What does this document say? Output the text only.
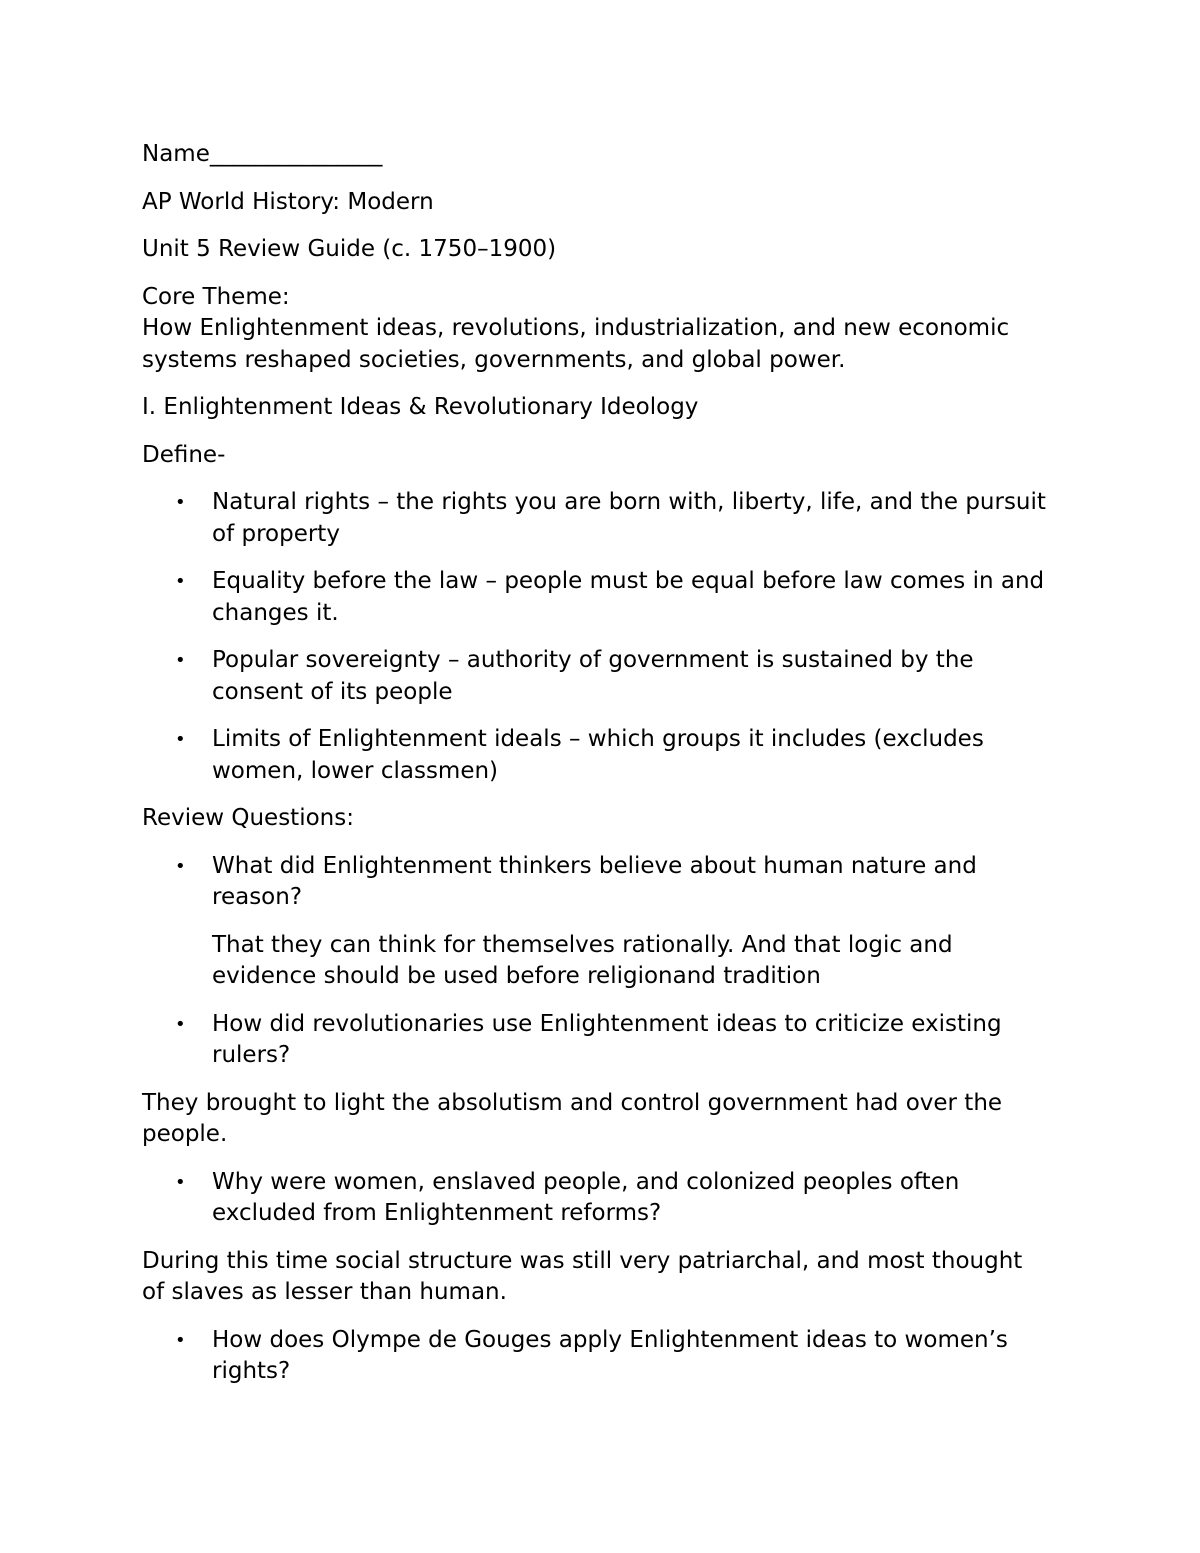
Name_______________

AP World History: Modern

Unit 5 Review Guide (c. 1750–1900)

Core Theme:

How Enlightenment ideas, revolutions, industrialization, and new economic systems reshaped societies, governments, and global power.

I. Enlightenment Ideas & Revolutionary Ideology

Define-

• Natural rights – the rights you are born with, liberty, life, and the pursuit of property
• Equality before the law – people must be equal before law comes in and changes it.
• Popular sovereignty – authority of government is sustained by the consent of its people
• Limits of Enlightenment ideals – which groups it includes (excludes women, lower classmen)

Review Questions:

• What did Enlightenment thinkers believe about human nature and reason?

That they can think for themselves rationally. And that logic and evidence should be used before religionand tradition

• How did revolutionaries use Enlightenment ideas to criticize existing rulers?

They brought to light the absolutism and control government had over the people.

• Why were women, enslaved people, and colonized peoples often excluded from Enlightenment reforms?

During this time social structure was still very patriarchal, and most thought of slaves as lesser than human.

• How does Olympe de Gouges apply Enlightenment ideas to women’s rights?
